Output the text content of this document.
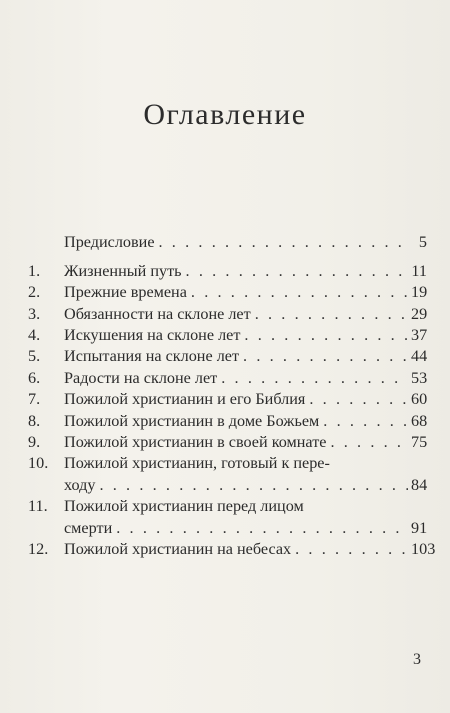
Оглавление
Предисловие . . .	5
1.	Жизненный путь . . .	11
2.	Прежние времена . . .	19
3.	Обязанности на склоне лет . . .	29
4.	Искушения на склоне лет . . .	37
5.	Испытания на склоне лет . . .	44
6.	Радости на склоне лет . . .	53
7.	Пожилой христианин и его Библия . . .	60
8.	Пожилой христианин в доме Божьем . . .	68
9.	Пожилой христианин в своей комнате . . .	75
10. Пожилой христианин, готовый к пере-
ходу . . .	84
11.	Пожилой христианин перед лицом
смерти . . .	91
12. Пожилой христианин на небесах . . .	103
3
